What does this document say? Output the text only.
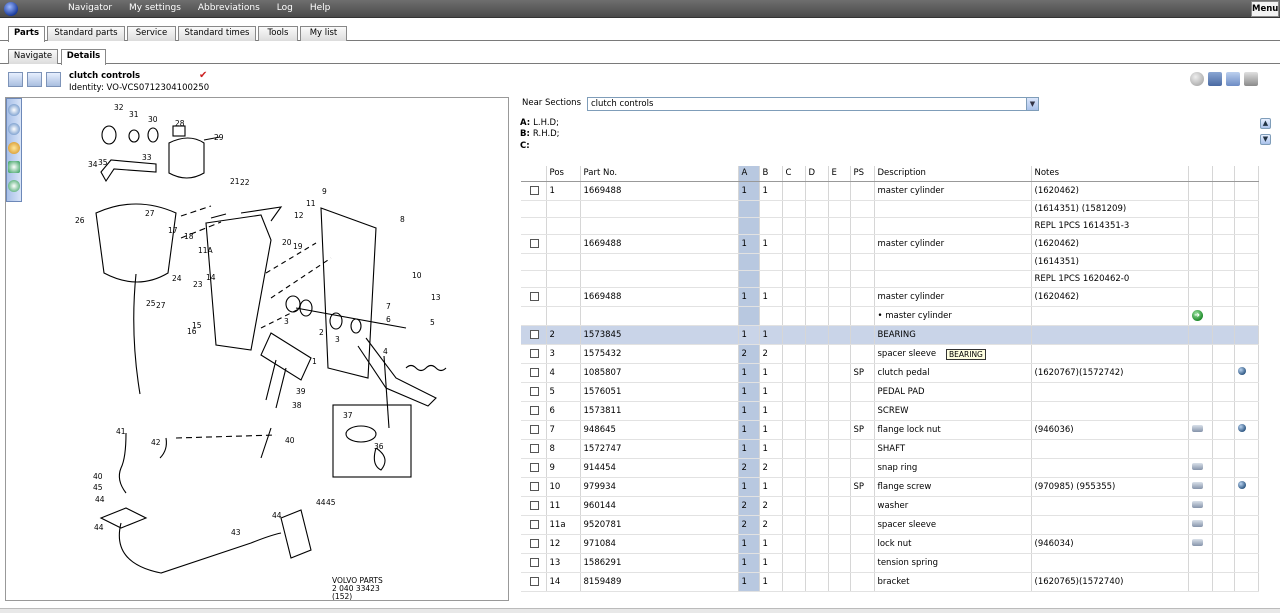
Navigator My settings Abbreviations Log Help	Menu
Parts	Standard parts	Service	Standard times	Tools	My list
Navigate	Details
clutch controls
Identity: VO-VCS0712304100250
✔
32
31
30 28
29
35
34
33
26
27
25 27
24
23
22
21
18
17
11A
16
15
14
20 19
12
11
10
9
8
5
4
3
3
2
1
39
38
40
41
42
43
40
45
44
44
44
44 45
37
36
13
6
7
VOLVO PARTS
2 040 33423
(152)
Near Sections	clutch controls	▼
A: L.H.D;
B: R.H.D;
C:
▲
▼
	Pos	Part No.	A	B	C	D	E	PS	Description	Notes			
	1	1669488	1	1					master cylinder	(1620462)			
										(1614351) (1581209)			
										REPL 1PCS 1614351-3			
		1669488	1	1					master cylinder	(1620462)			
										(1614351)			
										REPL 1PCS 1620462-0			
		1669488	1	1					master cylinder	(1620462)			
									• master cylinder		➜		
	2	1573845	1	1					BEARING				
	3	1575432	2	2					spacer sleeve				
	4	1085807	1	1				SP	clutch pedal	(1620767)(1572742)			
	5	1576051	1	1					PEDAL PAD				
	6	1573811	1	1					SCREW				
	7	948645	1	1				SP	flange lock nut	(946036)			
	8	1572747	1	1					SHAFT				
	9	914454	2	2					snap ring				
	10	979934	1	1				SP	flange screw	(970985) (955355)			
	11	960144	2	2					washer				
	11a	9520781	2	2					spacer sleeve				
	12	971084	1	1					lock nut	(946034)			
	13	1586291	1	1					tension spring				
	14	8159489	1	1					bracket	(1620765)(1572740)			
BEARING
